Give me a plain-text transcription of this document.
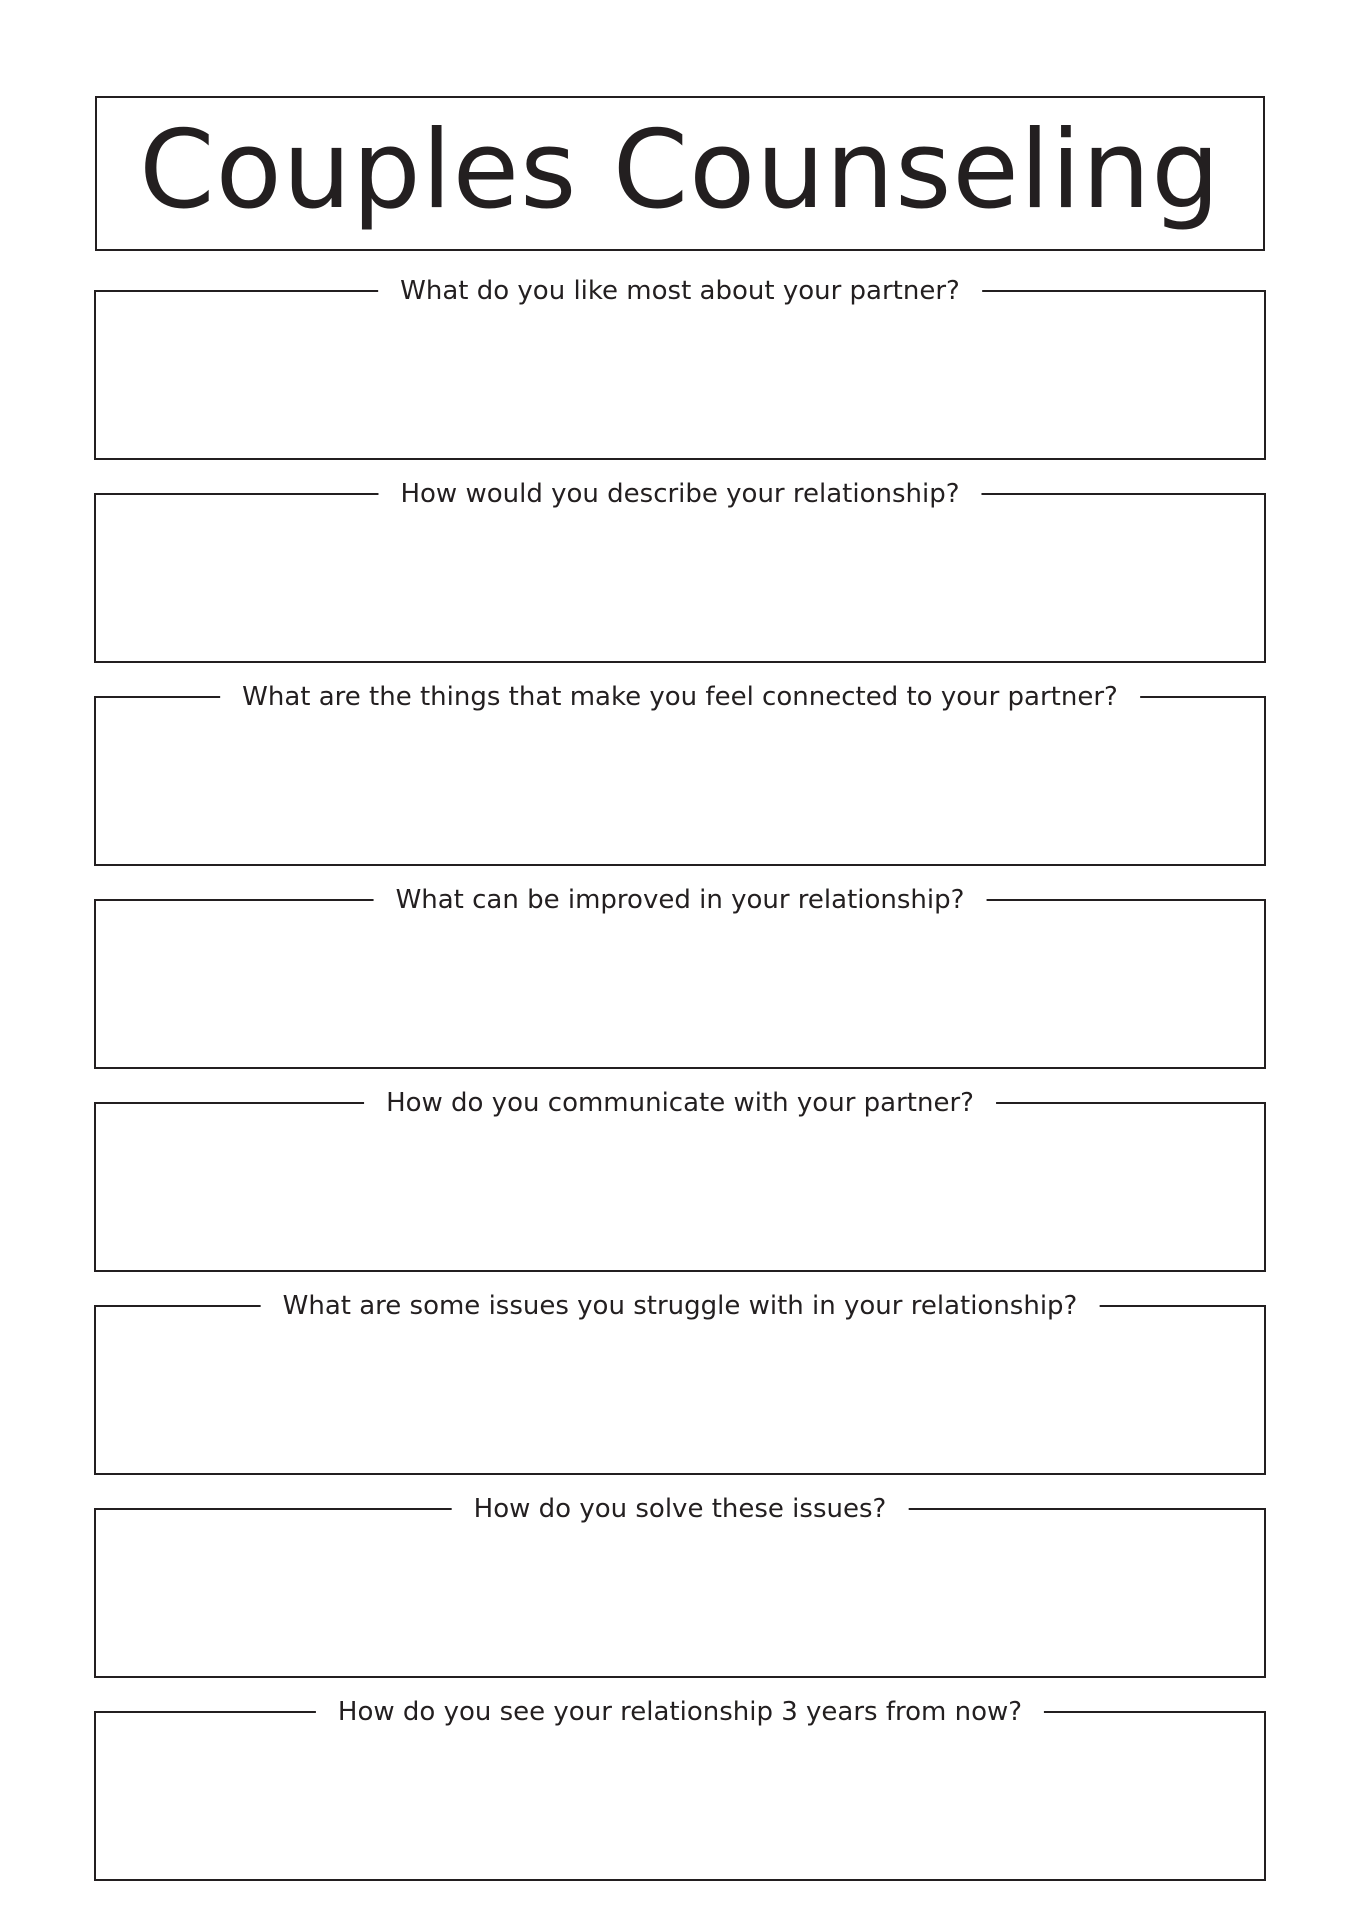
Couples Counseling
What do you like most about your partner?
How would you describe your relationship?
What are the things that make you feel connected to your partner?
What can be improved in your relationship?
How do you communicate with your partner?
What are some issues you struggle with in your relationship?
How do you solve these issues?
How do you see your relationship 3 years from now?
